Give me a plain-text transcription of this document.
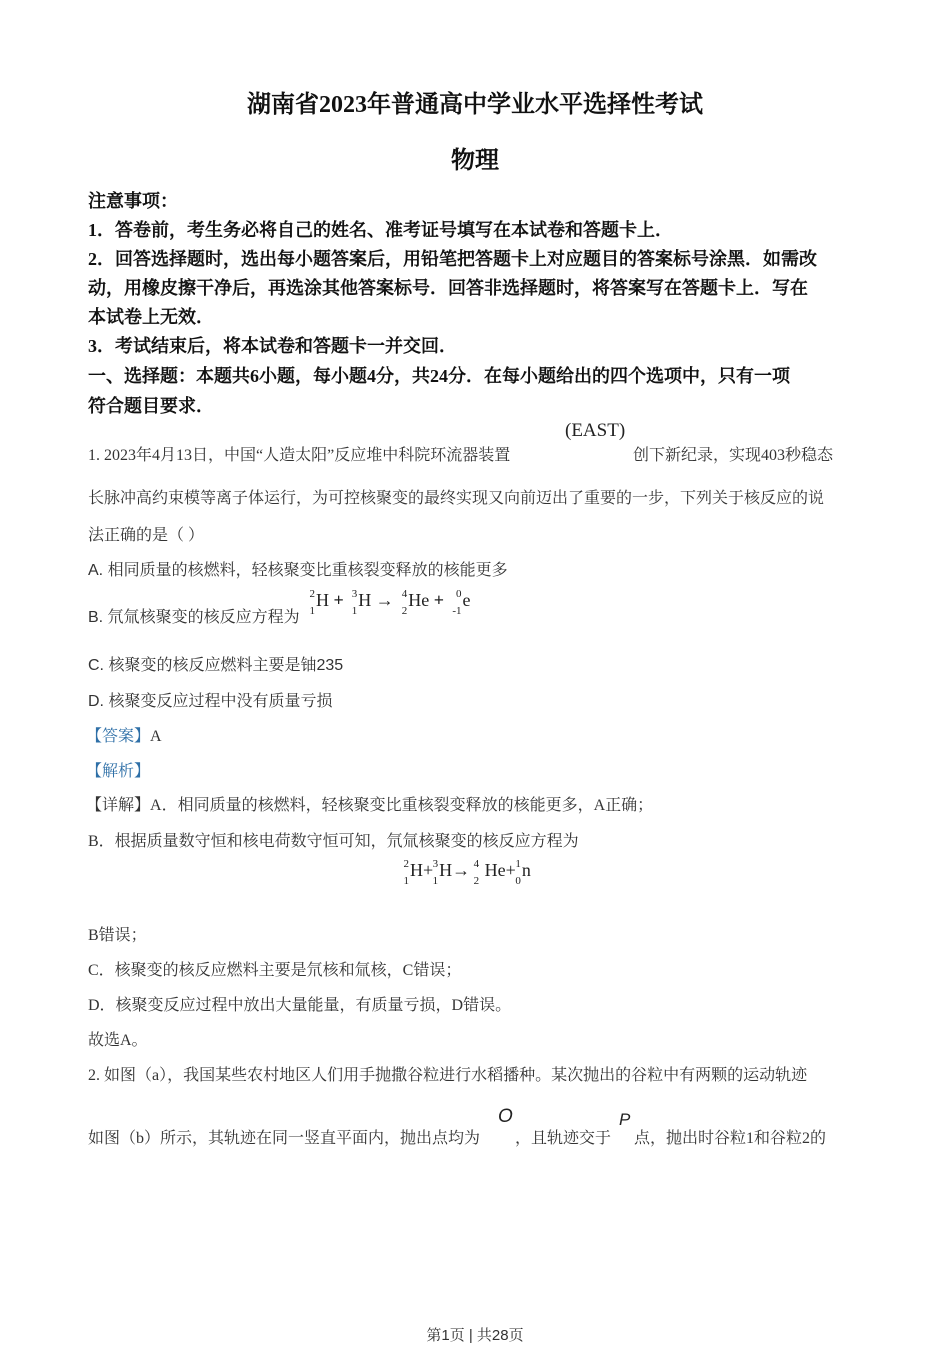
湖南省2023年普通高中学业水平选择性考试
物理
注意事项：
1．答卷前，考生务必将自己的姓名、准考证号填写在本试卷和答题卡上．
2．回答选择题时，选出每小题答案后，用铅笔把答题卡上对应题目的答案标号涂黑．如需改
动，用橡皮擦干净后，再选涂其他答案标号．回答非选择题时，将答案写在答题卡上．写在
本试卷上无效．
3．考试结束后，将本试卷和答题卡一并交回．
一、选择题：本题共6小题，每小题4分，共24分．在每小题给出的四个选项中，只有一项
符合题目要求．
(EAST)
1. 2023年4月13日，中国“人造太阳”反应堆中科院环流器装置	创下新纪录，实现403秒稳态
长脉冲高约束模等离子体运行，为可控核聚变的最终实现又向前迈出了重要的一步，下列关于核反应的说
法正确的是（ ）
A. 相同质量的核燃料，轻核聚变比重核裂变释放的核能更多
B. 氘氚核聚变的核反应方程为
2
1
H + 3
1
H → 4
2
He + 0
-1
e
C. 核聚变的核反应燃料主要是铀235
D. 核聚变反应过程中没有质量亏损
【答案】A
【解析】
【详解】A．相同质量的核燃料，轻核聚变比重核裂变释放的核能更多，A正确；
B．根据质量数守恒和核电荷数守恒可知，氘氚核聚变的核反应方程为
2
1
H+ 3
1
H→ 4
2
He+ 1
0
n
B错误；
C．核聚变的核反应燃料主要是氘核和氚核，C错误；
D．核聚变反应过程中放出大量能量，有质量亏损，D错误。
故选A。
2. 如图（a），我国某些农村地区人们用手抛撒谷粒进行水稻播种。某次抛出的谷粒中有两颗的运动轨迹
如图（b）所示，其轨迹在同一竖直平面内，抛出点均为
O
，且轨迹交于
P
点，抛出时谷粒1和谷粒2的
第1页 | 共28页
